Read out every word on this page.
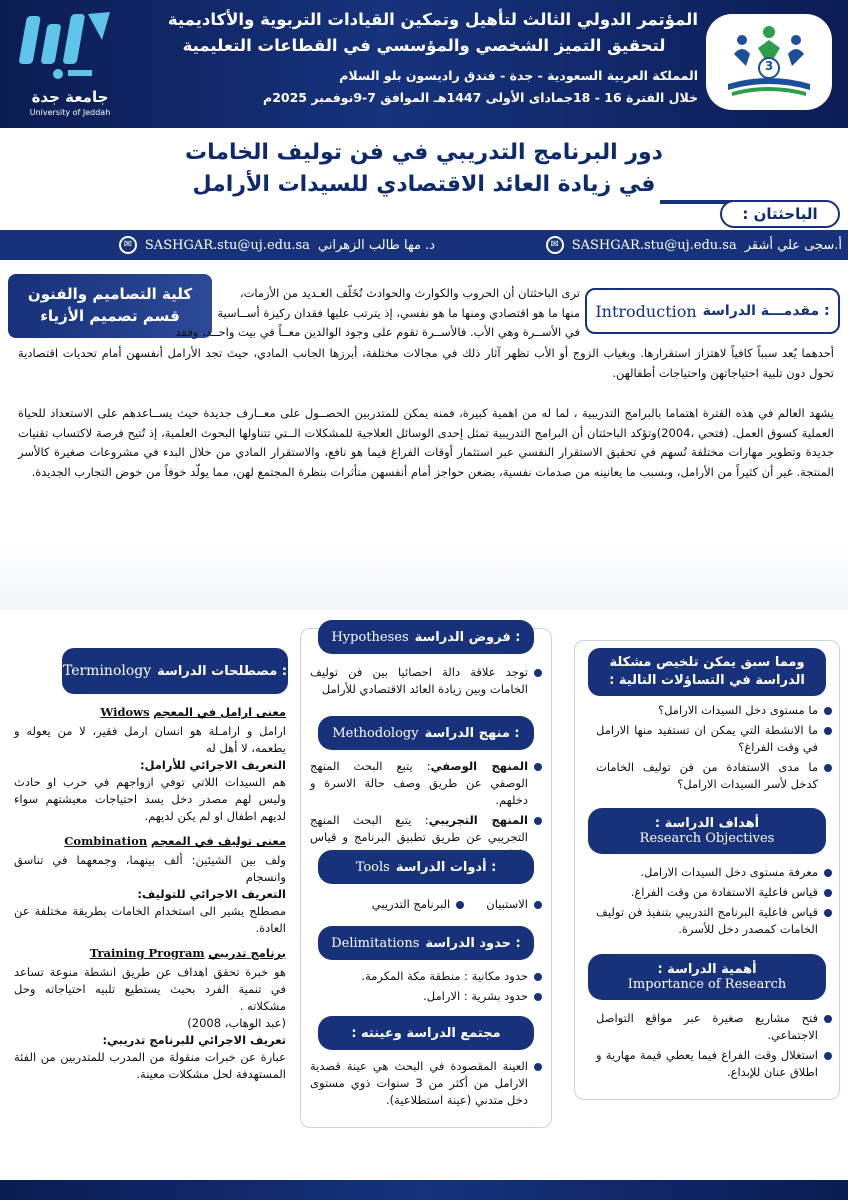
المؤتمر الدولي الثالث لتأهيل وتمكين القيادات التربوية والأكاديمية
لتحقيق التميز الشخصي والمؤسسي في القطاعات التعليمية
المملكة العربية السعودية - جدة - فندق راديسون بلو السلام
خلال الفترة 16 - 18جماداى الأولى 1447هـ الموافق 7-9نوفمبر 2025م
جامعة جدة
University of Jeddah
3
دور البرنامج التدريبي في فن توليف الخامات
في زيادة العائد الاقتصادي للسيدات الأرامل
الباحثتان :
أ.سجى علي أشقر
SASHGAR.stu@uj.edu.sa
✉
د. مها طالب الزهراني
SASHGAR.stu@uj.edu.sa
✉
كلية التصاميم والفنون
قسم تصميم الأزياء	Introduction مقدمـــة الدراسة :
ترى الباحثتان أن الحروب والكوارث والحوادث تُخَلّف العـديد من الأزمات،
منها ما هو اقتصادي ومنها ما هو نفسي، إذ يترتب عليها فقدان ركيزة أســاسية
في الأســرة وهي الأب. فالأســرة تقوم على وجود الوالدين معــاً في بيت واحــد، وفقد
أحدهما يُعد سبباً كافياً لاهتزاز استقرارها. وبغياب الزوج أو الأب تظهر آثار ذلك في مجالات مختلفة، أبرزها الجانب المادي، حيث تجد الأرامل أنفسهن أمام تحديات اقتصادية تحول دون تلبية احتياجاتهن واحتياجات أطفالهن.
يشهد العالم في هذه الفترة اهتماما بالبرامج التدريبية ، لما له من اهمية كبيرة، فمنه يمكن للمتدربين الحصــول على معــارف جديدة حيث يســاعدهم على الاستعداد للحياة العملية كسوق العمل. (فتحي ،2004)وتؤكد الباحثتان أن البرامج التدريبية تمثل إحدى الوسائل العلاجية للمشكلات الــتي تتناولها البحوث العلمية، إذ تُتيح فرصة لاكتساب تقنيات جديدة وتطوير مهارات مختلفة تُسهم في تحقيق الاستقرار النفسي عبر استثمار أوقات الفراغ فيما هو نافع، والاستقرار المادي من خلال البدء في مشروعات صغيرة كالأسر المنتجة. غير أن كثيراً من الأرامل، وبسبب ما يعانينه من صدمات نفسية، يضعن حواجز أمام أنفسهن متأثرات بنظرة المجتمع لهن، مما يولّد خوفاً من خوض التجارب الجديدة.
ومما سبق يمكن تلخيص مشكلة الدراسة في التساؤلات التالية :
ما مستوى دخل السيدات الارامل؟
ما الانشطة التي يمكن ان تستفيد منها الارامل في وقت الفراغ؟
ما مدى الاستفادة من فن توليف الخامات كدخل لأسر السيدات الارامل؟
أهداف الدراسة :
Research Objectives
معرفة مستوى دخل السيدات الارامل.
قياس فاعلية الاستفادة من وقت الفراغ.
قياس فاعلية البرنامج التدريبي بتنفيذ فن توليف الخامات كمصدر دخل للأسرة.
أهمية الدراسة :
Importance of Research
فتح مشاريع صغيرة عبر مواقع التواصل الاجتماعي.
استغلال وقت الفراغ فيما يعطي قيمة مهارية و اطلاق عنان للإبداع.
Hypotheses فروض الدراسة :
توجد علاقة دالة احصائيا بين فن توليف الخامات وبين زيادة العائد الاقتصادي للأرامل
Methodology منهج الدراسة :
المنهج الوصفي: يتبع البحث المنهج الوصفي عن طريق وصف حالة الاسرة و دخلهم.
المنهج التجريبي: يتبع البحث المنهج التجريبي عن طريق تطبيق البرنامج و قياس
Tools أدوات الدراسة :
الاستبيان
البرنامج التدريبي
Delimitations حدود الدراسة :
حدود مكانية : منطقة مكة المكرمة.
حدود بشرية : الارامل.
مجتمع الدراسة وعينته :
العينة المقصودة في البحث هي عينة قصدية الارامل من أكثر من 3 سنوات ذوي مستوى دخل متدني (عينة استطلاعية).
Terminology مصطلحات الدراسة :
معنى ارامل في المعجم Widows
ارامل و ارامـلة هو انسان ارمل فقير، لا من يعوله و يطعمه، لا أهل له
التعريف الاجرائي للأرامل:
هم السيدات اللاتي توفي ازواجهم في حرب او حادث وليس لهم مصدر دخل يسد احتياجات معيشتهم سواء لديهم اطفال او لم يكن لديهم.
معنى توليف في المعجم Combination
ولف بين الشيئين: ألف بينهما، وجمعهما في تناسق وانسجام
التعريف الاجرائي للتوليف:
مصطلح يشير الى استخدام الخامات بطريقة مختلفة عن العادة.
برنامج تدريبي Training Program
هو خبرة تحقق اهداف عن طريق انشطة منوعة تساعد في تنمية الفرد بحيث يستطيع تلبيه احتياجاته وحل مشكلاته .
(عبد الوهاب، 2008)
تعريف الاجرائي للبرنامج تدريبي:
عبارة عن خبرات منقولة من المدرب للمتدربين من الفئة المستهدفة لحل مشكلات معينة.
